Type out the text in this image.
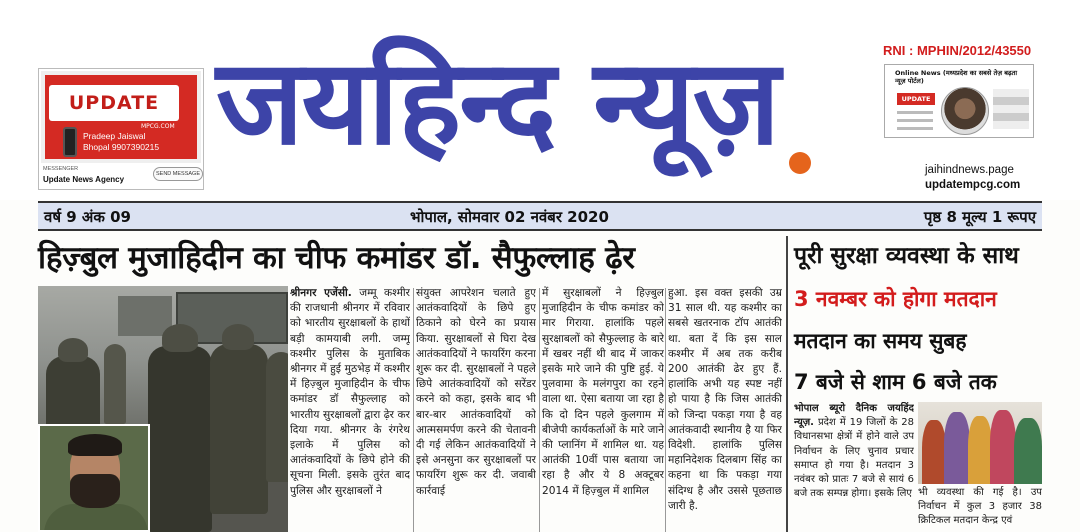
UPDATE
MPCG.COM
Pradeep Jaiswal
Bhopal 9907390215
MESSENGER
Update News Agency
SEND MESSAGE
जयहिन्द न्यूज़	RNI : MPHIN/2012/43550
Online News (मध्यप्रदेश का सबसे तेज़ बढ़ता न्यूज़ पोर्टल)
UPDATE
jaihindnews.page
updatempcg.com
वर्ष 9 अंक 09	भोपाल, सोमवार 02 नवंबर 2020	पृष्ठ 8 मूल्य 1 रूपए
हिज़्बुल मुजाहिदीन का चीफ कमांडर डॉ. सैफुल्लाह ढ़ेर
श्रीनगर एजेंसी. जम्मू कश्मीर की राजधानी श्रीनगर में रविवार को भारतीय सुरक्षाबलों के हाथों बड़ी कामयाबी लगी. जम्मू कश्मीर पुलिस के मुताबिक श्रीनगर में हुई मुठभेड़ में कश्मीर में हिज़्बुल मुजाहिदीन के चीफ कमांडर डॉ सैफुल्लाह को भारतीय सुरक्षाबलों द्वारा ढ़ेर कर दिया गया. श्रीनगर के रंगरेथ इलाके में पुलिस को आतंकवादियों के छिपे होने की सूचना मिली. इसके तुरंत बाद पुलिस और सुरक्षाबलों ने
संयुक्त आपरेशन चलाते हुए आतंकवादियों के छिपे हुए ठिकाने को घेरने का प्रयास किया. सुरक्षाबलों से घिरा देख आतंकवादियों ने फायरिंग करना शुरू कर दी. सुरक्षाबलों ने पहले छिपे आतंकवादियों को सरेंडर करने को कहा, इसके बाद भी बार-बार आतंकवादियों को आत्मसमर्पण करने की चेतावनी दी गई लेकिन आतंकवादियों ने इसे अनसुना कर सुरक्षाबलों पर फायरिंग शुरू कर दी. जवाबी कार्रवाई
में सुरक्षाबलों ने हिज़्बुल मुजाहिदीन के चीफ कमांडर को मार गिराया. हालांकि पहले सुरक्षाबलों को सैफुल्लाह के बारे में खबर नहीं थी बाद में जाकर इसके मारे जाने की पुष्टि हुई. ये पुलवामा के मलंगपुरा का रहने वाला था. ऐसा बताया जा रहा है कि दो दिन पहले कुलगाम में बीजेपी कार्यकर्ताओं के मारे जाने की प्लानिंग में शामिल था. यह आतंकी 10वीं पास बताया जा रहा है और ये 8 अक्टूबर 2014 में हिज़्बुल में शामिल
हुआ. इस वक्त इसकी उम्र 31 साल थी. यह कश्मीर का सबसे खतरनाक टॉप आतंकी था. बता दें कि इस साल कश्मीर में अब तक करीब 200 आतंकी ढेर हुए हैं. हालांकि अभी यह स्पष्ट नहीं हो पाया है कि जिस आतंकी को जिन्दा पकड़ा गया है वह आतंकवादी स्थानीय है या फिर विदेशी. हालांकि पुलिस महानिदेशक दिलबाग सिंह का कहना था कि पकड़ा गया संदिग्ध है और उससे पूछताछ जारी है.
पूरी सुरक्षा व्यवस्था के साथ
3 नवम्बर को होगा मतदान
मतदान का समय सुबह
7 बजे से शाम 6 बजे तक
भोपाल ब्यूरो दैनिक जयहिंद न्यूज़. प्रदेश में 19 जिलों के 28 विधानसभा क्षेत्रों में होने वाले उप निर्वाचन के लिए चुनाव प्रचार समाप्त हो गया है। मतदान 3 नवंबर को प्रातः 7 बजे से सायं 6 बजे तक सम्पन्न होगा। इसके लिए भी व्यवस्था की गई है। उप निर्वाचन में कुल 3 हजार 38 क्रिटिकल मतदान केन्द्र एवं
